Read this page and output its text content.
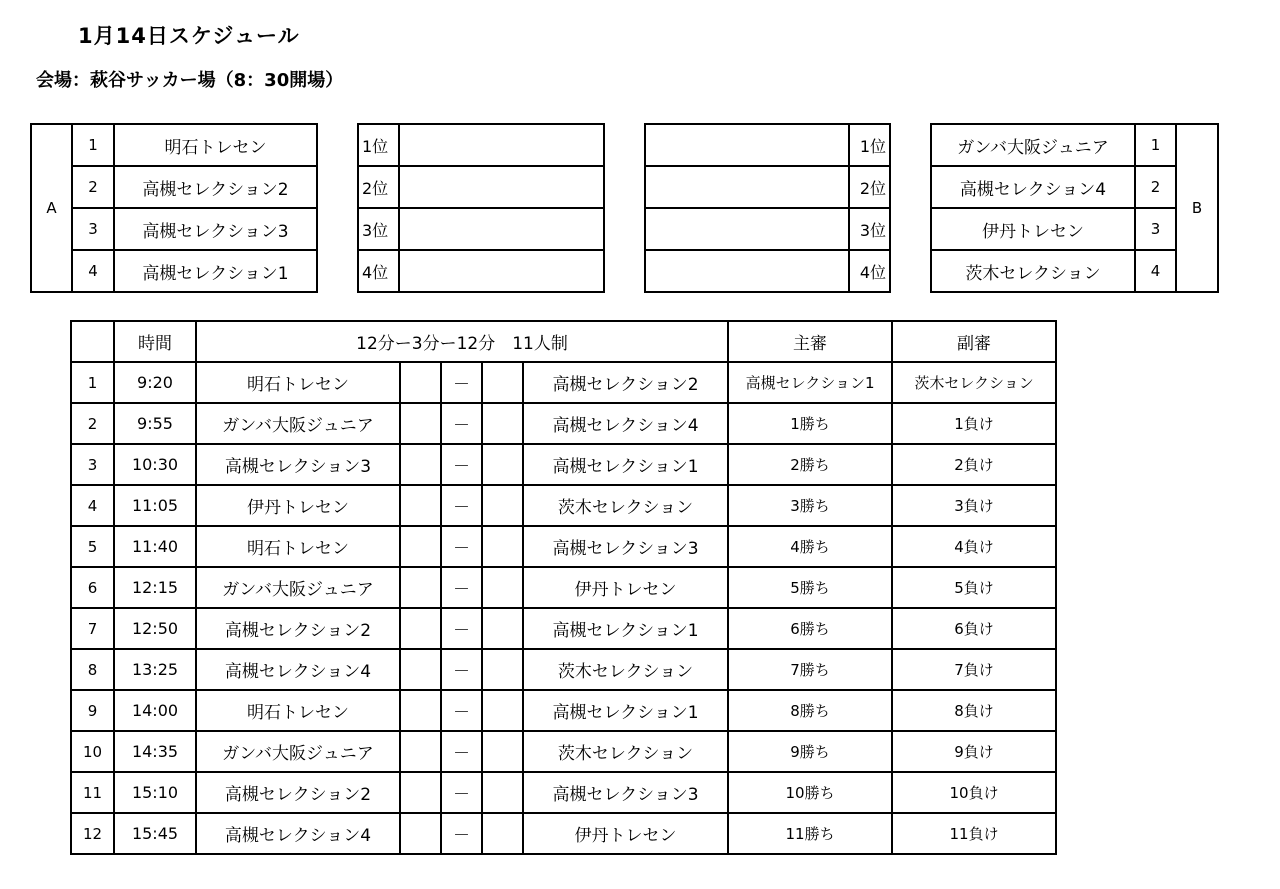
1月14日スケジュール
会場：萩谷サッカー場（8：30開場）
A	1	明石トレセン
	2	高槻セレクション2
	3	高槻セレクション3
	4	高槻セレクション1
1位	
2位	
3位	
4位	
	1位
	2位
	3位
	4位
ガンバ大阪ジュニア	1	B
高槻セレクション4	2	
伊丹トレセン	3	
茨木セレクション	4	
	時間	12分ー3分ー12分　11人制					主審	副審
1	9:20	明石トレセン		－		高槻セレクション2	高槻セレクション1	茨木セレクション
2	9:55	ガンバ大阪ジュニア		－		高槻セレクション4	1勝ち	1負け
3	10:30	高槻セレクション3		－		高槻セレクション1	2勝ち	2負け
4	11:05	伊丹トレセン		－		茨木セレクション	3勝ち	3負け
5	11:40	明石トレセン		－		高槻セレクション3	4勝ち	4負け
6	12:15	ガンバ大阪ジュニア		－		伊丹トレセン	5勝ち	5負け
7	12:50	高槻セレクション2		－		高槻セレクション1	6勝ち	6負け
8	13:25	高槻セレクション4		－		茨木セレクション	7勝ち	7負け
9	14:00	明石トレセン		－		高槻セレクション1	8勝ち	8負け
10	14:35	ガンバ大阪ジュニア		－		茨木セレクション	9勝ち	9負け
11	15:10	高槻セレクション2		－		高槻セレクション3	10勝ち	10負け
12	15:45	高槻セレクション4		－		伊丹トレセン	11勝ち	11負け
